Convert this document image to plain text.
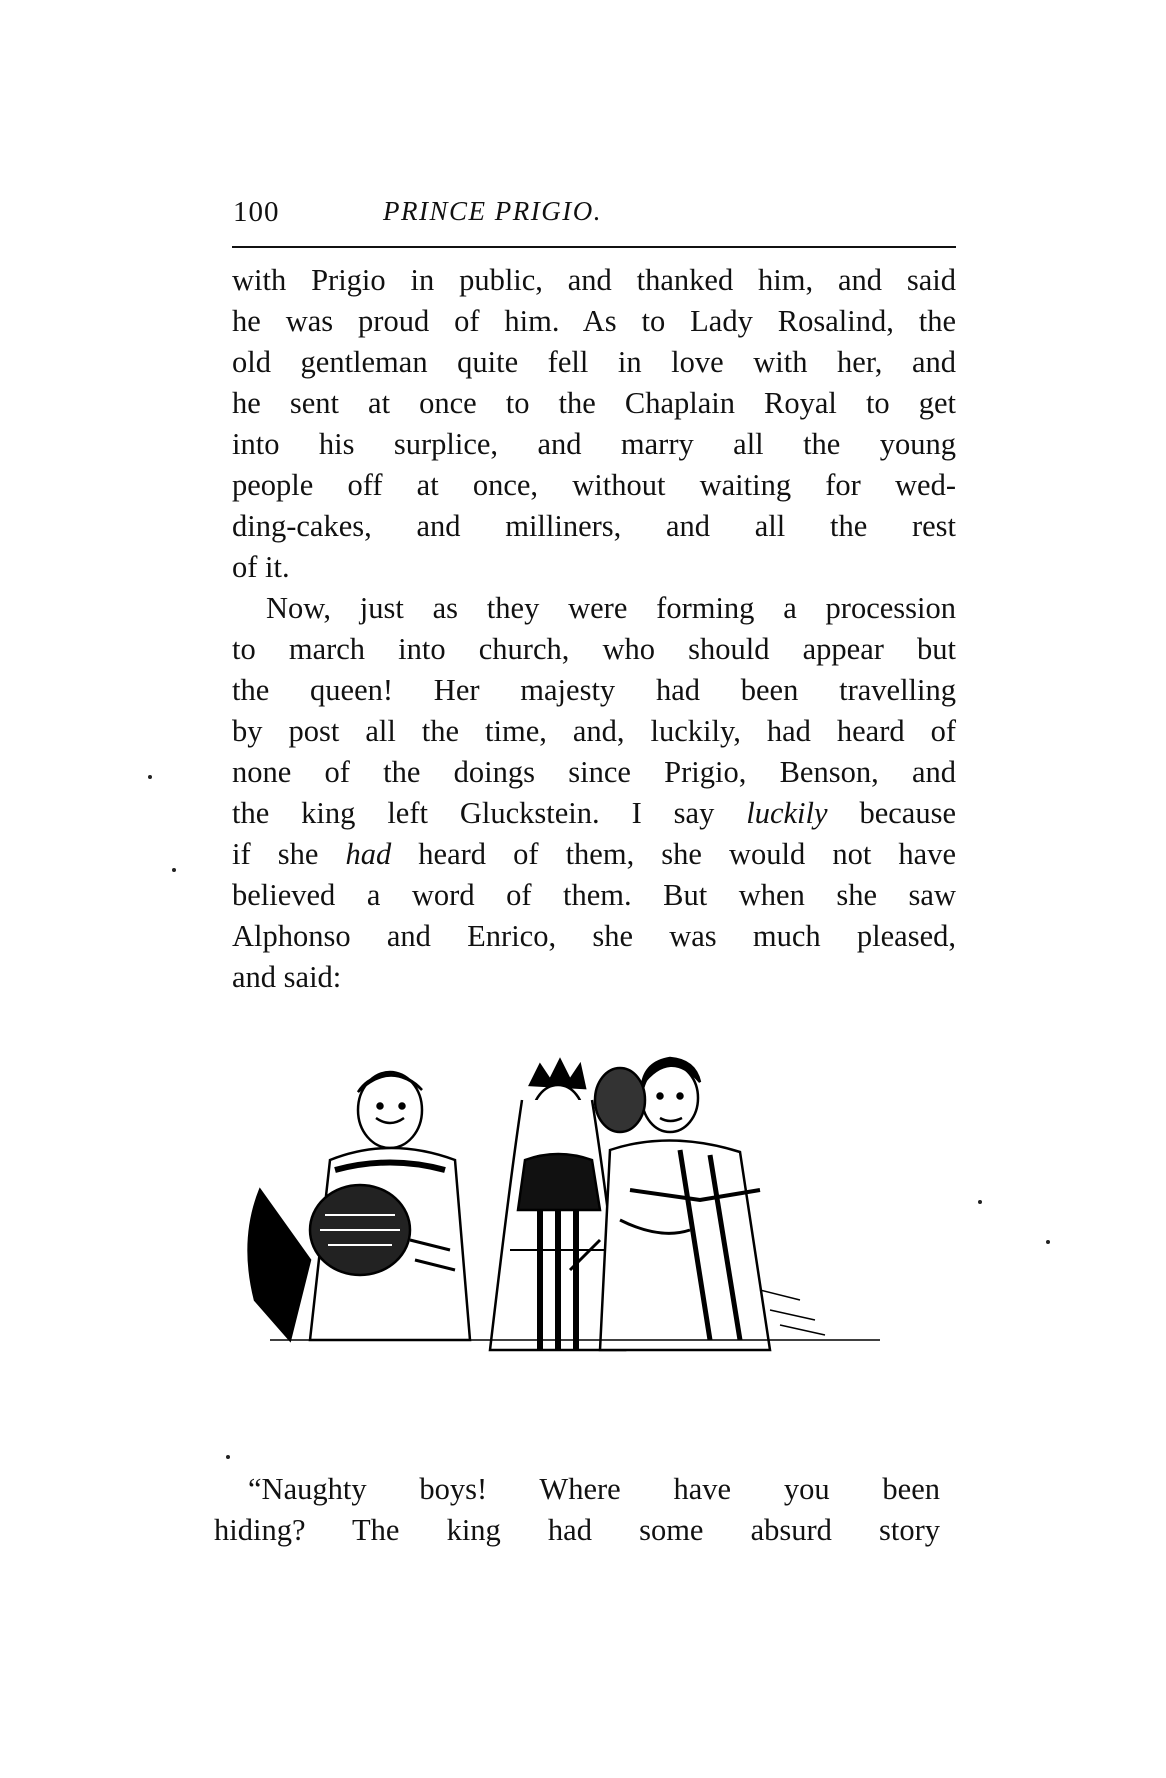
100	PRINCE PRIGIO.
with Prigio in public, and thanked him, and said
he was proud of him. As to Lady Rosalind, the
old gentleman quite fell in love with her, and
he sent at once to the Chaplain Royal to get
into his surplice, and marry all the young
people off at once, without waiting for wed-
ding-cakes, and milliners, and all the rest
of it.
Now, just as they were forming a procession
to march into church, who should appear but
the queen! Her majesty had been travelling
by post all the time, and, luckily, had heard of
none of the doings since Prigio, Benson, and
the king left Gluckstein. I say luckily because
if she had heard of them, she would not have
believed a word of them. But when she saw
Alphonso and Enrico, she was much pleased,
and said:
“Naughty boys! Where have you been
hiding? The king had some absurd story
